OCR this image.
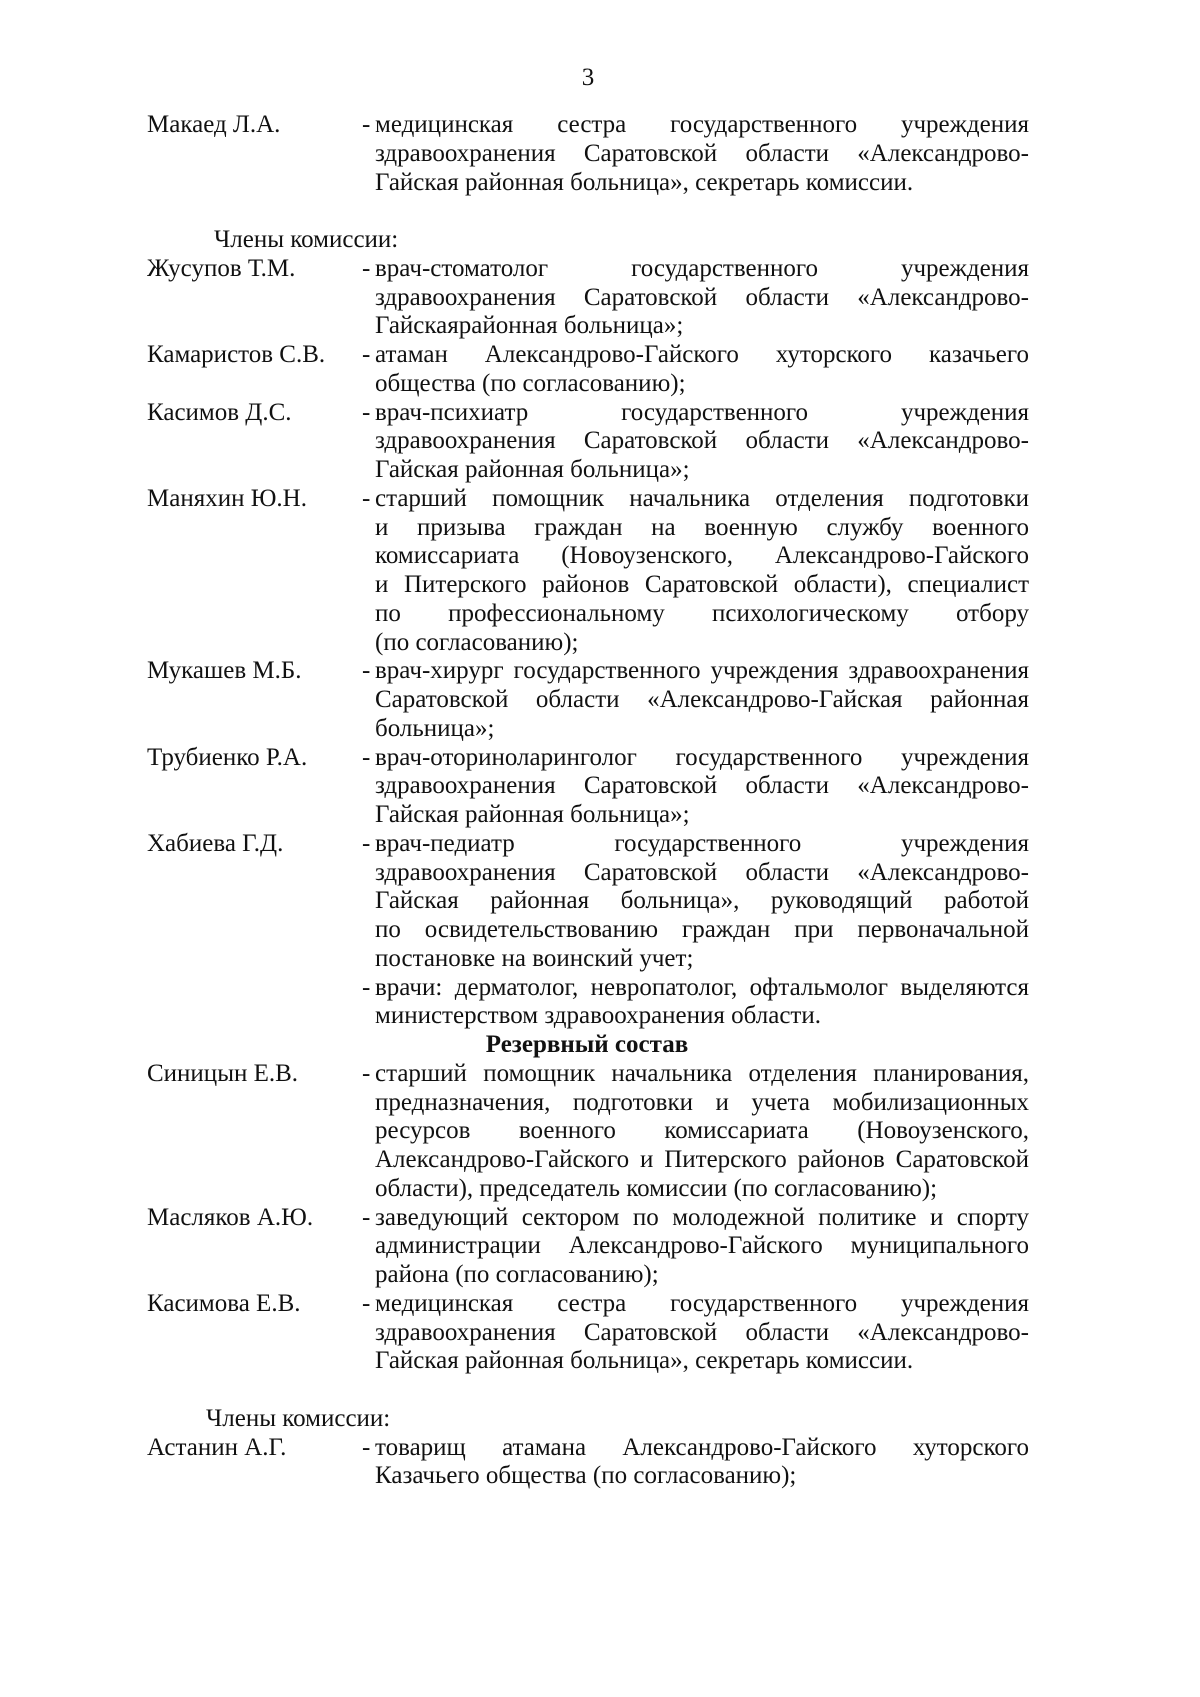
3
Макаед Л.А.	- медицинская сестра государственного учреждения
здравоохранения Саратовской области «Александрово-
Гайская районная больница», секретарь комиссии.
Члены комиссии:
Жусупов Т.М.	- врач-стоматолог государственного учреждения
здравоохранения Саратовской области «Александрово-
Гайскаярайонная больница»;
Камаристов С.В. - атаман Александрово-Гайского хуторского казачьего
общества (по согласованию);
Касимов Д.С.	- врач-психиатр государственного учреждения
здравоохранения Саратовской области «Александрово-
Гайская районная больница»;
Маняхин Ю.Н. - старший помощник начальника отделения подготовки
и призыва граждан на военную службу военного
комиссариата (Новоузенского, Александрово-Гайского
и Питерского районов Саратовской области), специалист
по профессиональному психологическому отбору
(по согласованию);
Мукашев М.Б. - врач-хирург государственного учреждения здравоохранения
Саратовской области «Александрово-Гайская районная
больница»;
Трубиенко Р.А. - врач-оториноларинголог государственного учреждения
здравоохранения Саратовской области «Александрово-
Гайская районная больница»;
Хабиева Г.Д.	- врач-педиатр государственного учреждения
здравоохранения Саратовской области «Александрово-
Гайская районная больница», руководящий работой
по освидетельствованию граждан при первоначальной
постановке на воинский учет;
- врачи: дерматолог, невропатолог, офтальмолог выделяются
министерством здравоохранения области.
Резервный состав
Синицын Е.В.	- старший помощник начальника отделения планирования,
предназначения, подготовки и учета мобилизационных
ресурсов военного комиссариата (Новоузенского,
Александрово-Гайского и Питерского районов Саратовской
области), председатель комиссии (по согласованию);
Масляков А.Ю. - заведующий сектором по молодежной политике и спорту
администрации Александрово-Гайского муниципального
района (по согласованию);
Касимова Е.В. - медицинская сестра государственного учреждения
здравоохранения Саратовской области «Александрово-
Гайская районная больница», секретарь комиссии.
Члены комиссии:
Астанин А.Г.	- товарищ атамана Александрово-Гайского хуторского
Казачьего общества (по согласованию);
